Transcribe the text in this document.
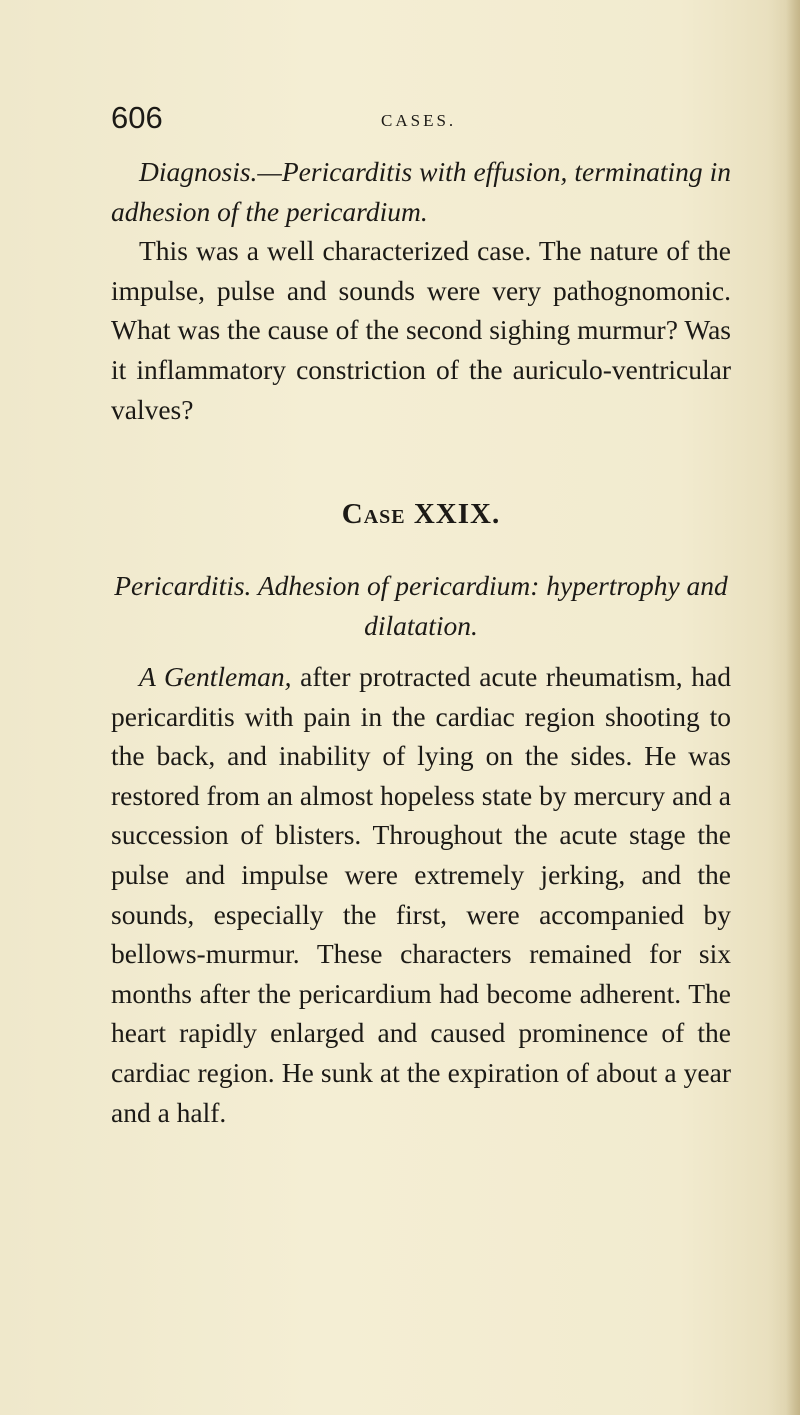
606	CASES.

Diagnosis.—Pericarditis with effusion, terminating in adhesion of the pericardium.
This was a well characterized case. The nature of the impulse, pulse and sounds were very pathognomonic. What was the cause of the second sighing murmur? Was it inflammatory constriction of the auriculo-ventricular valves?

Case XXIX.

Pericarditis. Adhesion of pericardium: hypertrophy and dilatation.

A Gentleman, after protracted acute rheumatism, had pericarditis with pain in the cardiac region shooting to the back, and inability of lying on the sides. He was restored from an almost hopeless state by mercury and a succession of blisters. Throughout the acute stage the pulse and impulse were extremely jerking, and the sounds, especially the first, were accompanied by bellows-murmur. These characters remained for six months after the pericardium had become adherent. The heart rapidly enlarged and caused prominence of the cardiac region. He sunk at the expiration of about a year and a half.
